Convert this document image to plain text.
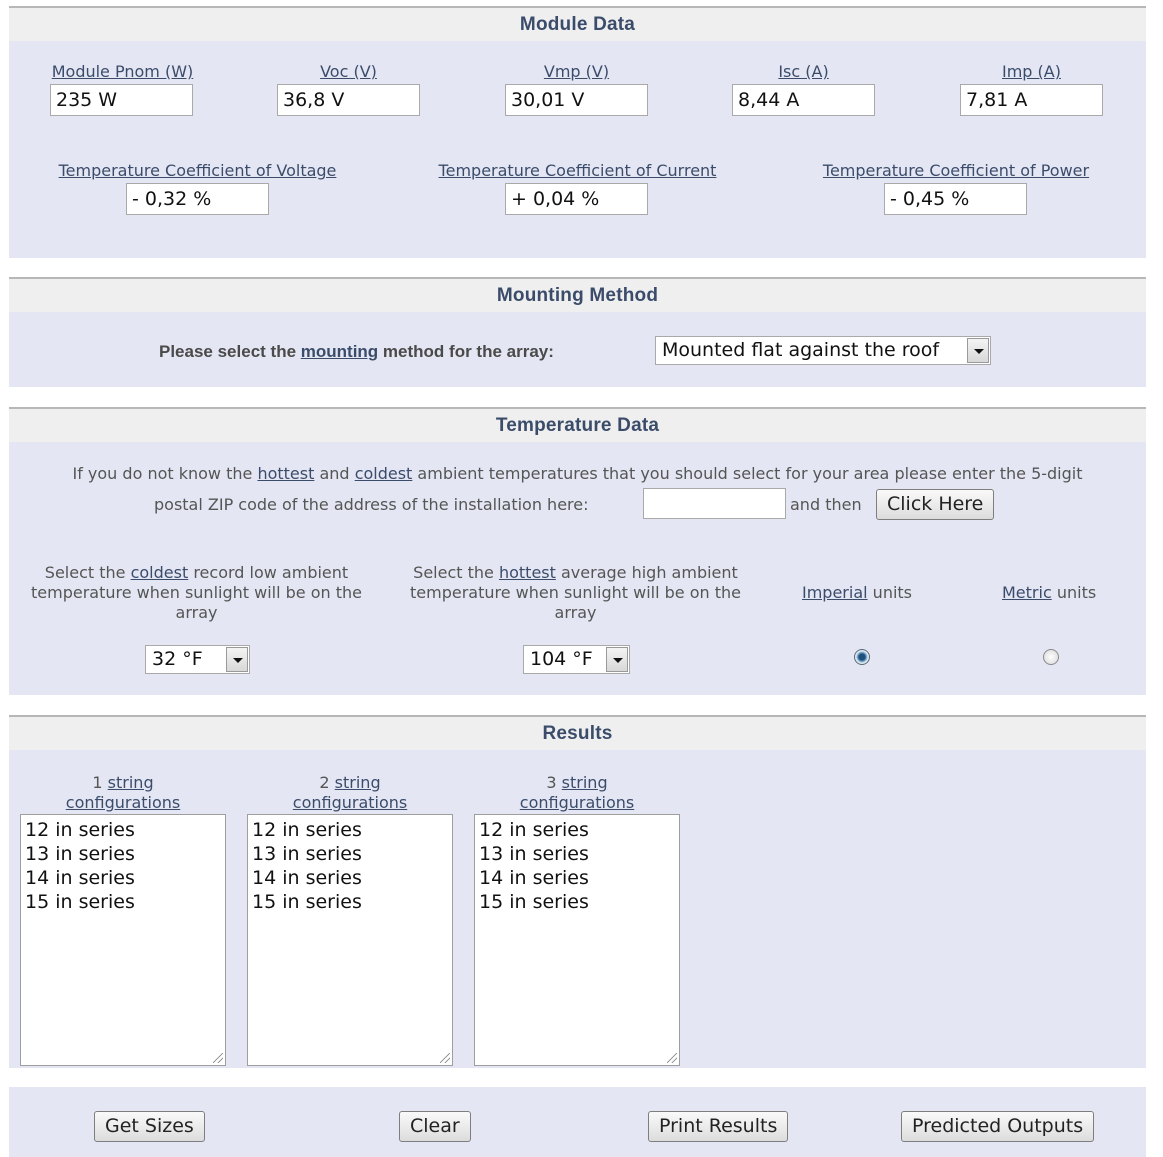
Module Data
Module Pnom (W)
235 W
Voc (V)
36,8 V
Vmp (V)
30,01 V
Isc (A)
8,44 A
Imp (A)
7,81 A
Temperature Coefficient of Voltage
- 0,32 %
Temperature Coefficient of Current
+ 0,04 %
Temperature Coefficient of Power
- 0,45 %
Mounting Method
Please select the mounting method for the array:	Mounted flat against the roof
Temperature Data
If you do not know the hottest and coldest ambient temperatures that you should select for your area please enter the 5-digit
postal ZIP code of the address of the installation here:	and then	Click Here
Select the coldest record low ambient temperature when sunlight will be on the array
Select the hottest average high ambient temperature when sunlight will be on the array
Imperial units	Metric units
32 °F	104 °F
Results
1 string
configurations
12 in series
13 in series
14 in series
15 in series
2 string
configurations
12 in series
13 in series
14 in series
15 in series
3 string
configurations
12 in series
13 in series
14 in series
15 in series
Get Sizes	Clear	Print Results	Predicted Outputs
